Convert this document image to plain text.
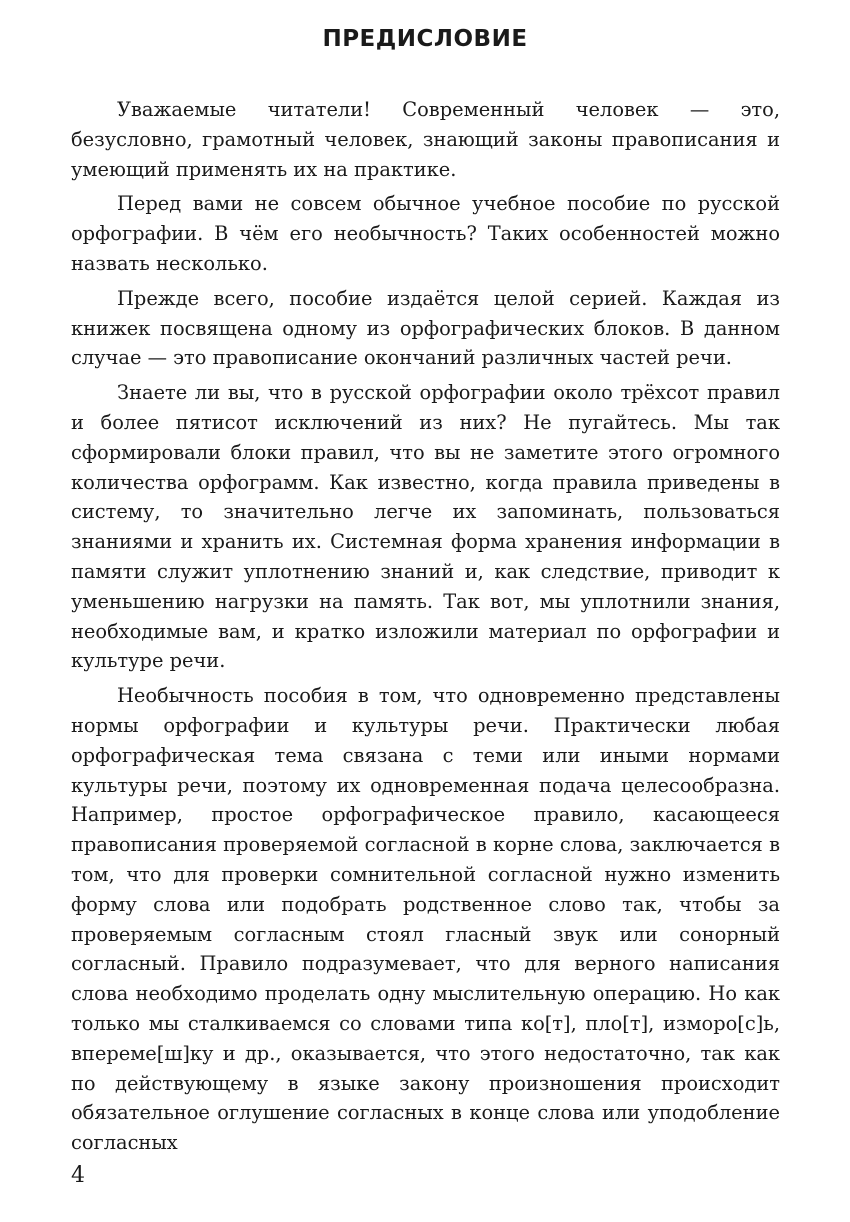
ПРЕДИСЛОВИЕ

Уважаемые читатели! Современный человек — это, безусловно, грамотный человек, знающий законы правописания и умеющий применять их на практике.

Перед вами не совсем обычное учебное пособие по русской орфографии. В чём его необычность? Таких особенностей можно назвать несколько.

Прежде всего, пособие издаётся целой серией. Каждая из книжек посвящена одному из орфографических блоков. В данном случае — это правописание окончаний различных частей речи.

Знаете ли вы, что в русской орфографии около трёхсот правил и более пятисот исключений из них? Не пугайтесь. Мы так сформировали блоки правил, что вы не заметите этого огромного количества орфограмм. Как известно, когда правила приведены в систему, то значительно легче их запоминать, пользоваться знаниями и хранить их. Системная форма хранения информации в памяти служит уплотнению знаний и, как следствие, приводит к уменьшению нагрузки на память. Так вот, мы уплотнили знания, необходимые вам, и кратко изложили материал по орфографии и культуре речи.

Необычность пособия в том, что одновременно представлены нормы орфографии и культуры речи. Практически любая орфографическая тема связана с теми или иными нормами культуры речи, поэтому их одновременная подача целесообразна. Например, простое орфографическое правило, касающееся правописания проверяемой согласной в корне слова, заключается в том, что для проверки сомнительной согласной нужно изменить форму слова или подобрать родственное слово так, чтобы за проверяемым согласным стоял гласный звук или сонорный согласный. Правило подразумевает, что для верного написания слова необходимо проделать одну мыслительную операцию. Но как только мы сталкиваемся со словами типа ко[т], пло[т], изморо[с]ь, впереме[ш]ку и др., оказывается, что этого недостаточно, так как по действующему в языке закону произношения происходит обязательное оглушение согласных в конце слова или уподобление согласных

4
